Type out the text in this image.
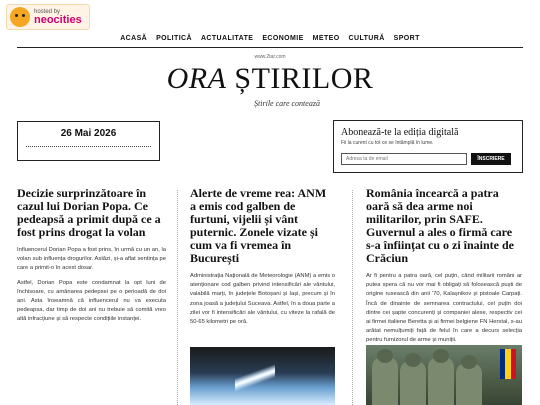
hosted by
neocities
ACASĂ POLITICĂ ACTUALITATE ECONOMIE METEO CULTURĂ SPORT
www.2tar.com
ORA ȘTIRILOR
Știrile care contează
26 Mai 2026	Abonează-te la ediția digitală
Fii la curent cu tot ce se întâmplă în lume.
Adresa ta de email	ÎNSCRIERE
Decizie surprinzătoare în cazul lui Dorian Popa. Ce pedeapsă a primit după ce a fost prins drogat la volan

Influencerul Dorian Popa a fost prins, în urmă cu un an, la volan sub influența drogurilor. Astăzi, și-a aflat sentința pe care a primit-o în acest dosar.

Astfel, Dorian Popa este condamnat la opt luni de închisoare, cu amânarea pedepsei pe o perioadă de doi ani. Asta înseamnă că influencerul nu va executa pedeapsa, dar timp de doi ani nu trebuie să comită vreo altă infracțiune și să respecte condițiile instanței.

Alerte de vreme rea: ANM a emis cod galben de furtuni, vijelii și vânt puternic. Zonele vizate și cum va fi vremea în București

Administrația Națională de Meteorologie (ANM) a emis o atenționare cod galben privind intensificări ale vântului, valabilă marți, în județele Botoșani și Iași, precum și în zona joasă a județului Suceava. Astfel, în a doua parte a zilei vor fi intensificări ale vântului, cu viteze la rafală de 50-65 kilometri pe oră.

România încearcă a patra oară să dea arme noi militarilor, prin SAFE. Guvernul a ales o firmă care s-a înființat cu o zi înainte de Crăciun

Ar fi pentru a patra oară, cel puțin, când militarii români ar putea spera că nu vor mai fi obligați să folosească puști de origine rusească din anii '70, Kalașnikov și pistoale Carpați. Încă de dinainte de semnarea contractului, cel puțin doi dintre cei șapte concurenți și companiei alese, respectiv cei ai firmei italiene Beretta și ai firmei belgiene FN Herstal, s-au arătat nemulțumiți față de felul în care a decurs selecția pentru furnizorul de arme și muniții.
